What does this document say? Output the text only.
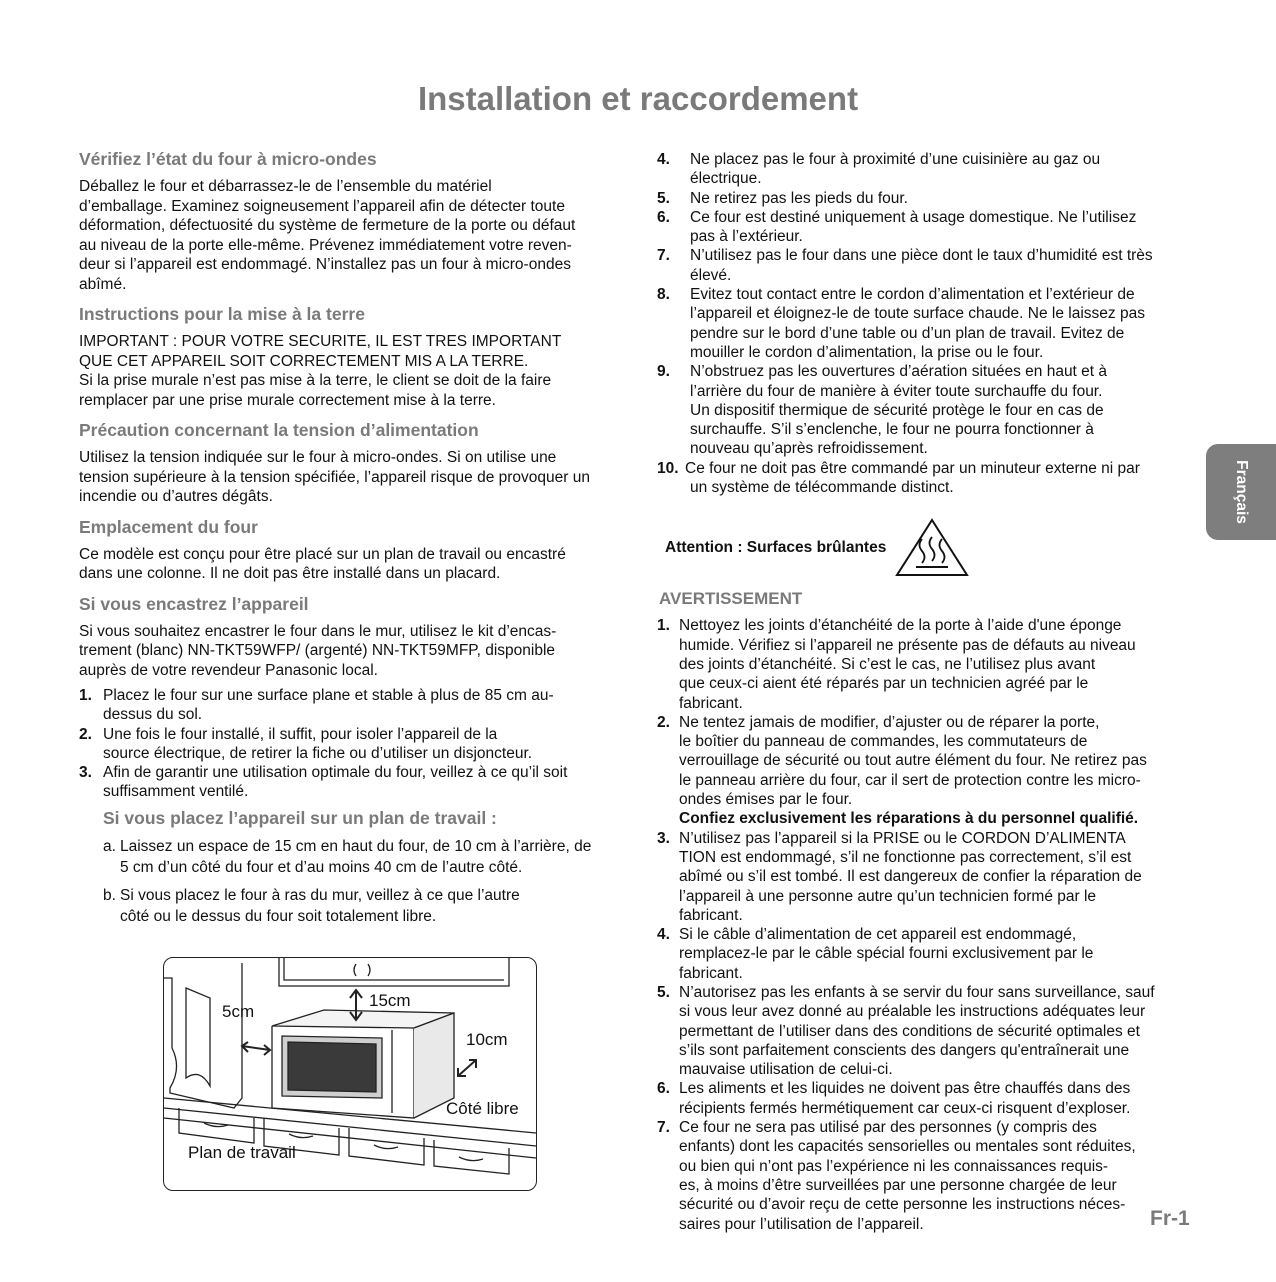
Installation et raccordement
Vérifiez l’état du four à micro-ondes

Déballez le four et débarrassez-le de l’ensemble du matériel
d’emballage. Examinez soigneusement l’appareil afin de détecter toute
déformation, défectuosité du système de fermeture de la porte ou défaut
au niveau de la porte elle-même. Prévenez immédiatement votre reven-
deur si l’appareil est endommagé. N’installez pas un four à micro-ondes
abîmé.

Instructions pour la mise à la terre

IMPORTANT : POUR VOTRE SECURITE, IL EST TRES IMPORTANT
QUE CET APPAREIL SOIT CORRECTEMENT MIS A LA TERRE.
Si la prise murale n’est pas mise à la terre, le client se doit de la faire
remplacer par une prise murale correctement mise à la terre.

Précaution concernant la tension d’alimentation

Utilisez la tension indiquée sur le four à micro-ondes. Si on utilise une
tension supérieure à la tension spécifiée, l’appareil risque de provoquer un
incendie ou d’autres dégâts.

Emplacement du four

Ce modèle est conçu pour être placé sur un plan de travail ou encastré
dans une colonne. Il ne doit pas être installé dans un placard.

Si vous encastrez l’appareil

Si vous souhaitez encastrer le four dans le mur, utilisez le kit d’encas-
trement (blanc) NN-TKT59WFP/ (argenté) NN-TKT59MFP, disponible
auprès de votre revendeur Panasonic local.

1. Placez le four sur une surface plane et stable à plus de 85 cm au-
dessus du sol.
2. Une fois le four installé, il suffit, pour isoler l’appareil de la
source électrique, de retirer la fiche ou d’utiliser un disjoncteur.
3. Afin de garantir une utilisation optimale du four, veillez à ce qu’il soit
suffisamment ventilé.
Si vous placez l’appareil sur un plan de travail :
a. Laissez un espace de 15 cm en haut du four, de 10 cm à l’arrière, de
5 cm d’un côté du four et d’au moins 40 cm de l’autre côté.
b. Si vous placez le four à ras du mur, veillez à ce que l’autre
côté ou le dessus du four soit totalement libre.
15cm
5cm
10cm
Côté libre
Plan de travail
4. Ne placez pas le four à proximité d’une cuisinière au gaz ou
électrique.
5. Ne retirez pas les pieds du four.
6. Ce four est destiné uniquement à usage domestique. Ne l’utilisez
pas à l’extérieur.
7. N’utilisez pas le four dans une pièce dont le taux d’humidité est très
élevé.
8. Evitez tout contact entre le cordon d’alimentation et l’extérieur de
l’appareil et éloignez-le de toute surface chaude. Ne le laissez pas
pendre sur le bord d’une table ou d’un plan de travail. Evitez de
mouiller le cordon d’alimentation, la prise ou le four.
9. N’obstruez pas les ouvertures d’aération situées en haut et à
l’arrière du four de manière à éviter toute surchauffe du four.
Un dispositif thermique de sécurité protège le four en cas de
surchauffe. S’il s’enclenche, le four ne pourra fonctionner à
nouveau qu’après refroidissement.
10. Ce four ne doit pas être commandé par un minuteur externe ni par
un système de télécommande distinct.
Attention : Surfaces brûlantes
AVERTISSEMENT
1. Nettoyez les joints d’étanchéité de la porte à l’aide d'une éponge
humide. Vérifiez si l’appareil ne présente pas de défauts au niveau
des joints d’étanchéité. Si c’est le cas, ne l’utilisez plus avant
que ceux-ci aient été réparés par un technicien agréé par le
fabricant.
2. Ne tentez jamais de modifier, d’ajuster ou de réparer la porte,
le boîtier du panneau de commandes, les commutateurs de
verrouillage de sécurité ou tout autre élément du four. Ne retirez pas
le panneau arrière du four, car il sert de protection contre les micro-
ondes émises par le four.
Confiez exclusivement les réparations à du personnel qualifié.
3. N’utilisez pas l’appareil si la PRISE ou le CORDON D’ALIMENTA
TION est endommagé, s’il ne fonctionne pas correctement, s’il est
abîmé ou s’il est tombé. Il est dangereux de confier la réparation de
l’appareil à une personne autre qu’un technicien formé par le
fabricant.
4. Si le câble d’alimentation de cet appareil est endommagé,
remplacez-le par le câble spécial fourni exclusivement par le
fabricant.
5. N’autorisez pas les enfants à se servir du four sans surveillance, sauf
si vous leur avez donné au préalable les instructions adéquates leur
permettant de l’utiliser dans des conditions de sécurité optimales et
s’ils sont parfaitement conscients des dangers qu'entraînerait une
mauvaise utilisation de celui-ci.
6. Les aliments et les liquides ne doivent pas être chauffés dans des
récipients fermés hermétiquement car ceux-ci risquent d’exploser.
7. Ce four ne sera pas utilisé par des personnes (y compris des
enfants) dont les capacités sensorielles ou mentales sont réduites,
ou bien qui n’ont pas l’expérience ni les connaissances requis-
es, à moins d’être surveillées par une personne chargée de leur
sécurité ou d’avoir reçu de cette personne les instructions néces-
saires pour l’utilisation de l’appareil.
Français
Fr-1
